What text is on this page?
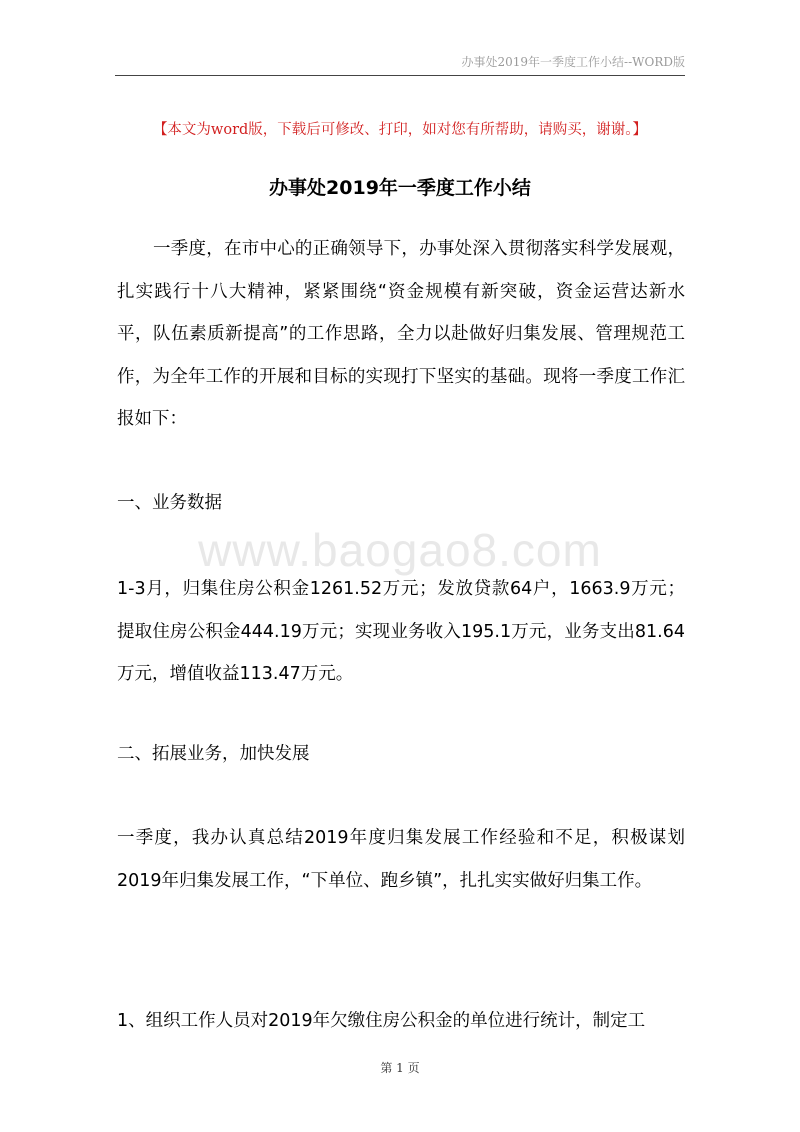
办事处2019年一季度工作小结--WORD版
【本文为word版，下载后可修改、打印，如对您有所帮助，请购买，谢谢。】
办事处2019年一季度工作小结

一季度，在市中心的正确领导下，办事处深入贯彻落实科学发展观，扎实践行十八大精神，紧紧围绕“资金规模有新突破，资金运营达新水平，队伍素质新提高”的工作思路，全力以赴做好归集发展、管理规范工作，为全年工作的开展和目标的实现打下坚实的基础。现将一季度工作汇报如下：

一、业务数据
www.baogao8.com

1-3月，归集住房公积金1261.52万元；发放贷款64户，1663.9万元；提取住房公积金444.19万元；实现业务收入195.1万元，业务支出81.64万元，增值收益113.47万元。

二、拓展业务，加快发展

一季度，我办认真总结2019年度归集发展工作经验和不足，积极谋划2019年归集发展工作，“下单位、跑乡镇”，扎扎实实做好归集工作。

1、组织工作人员对2019年欠缴住房公积金的单位进行统计，制定工

第 1 页
